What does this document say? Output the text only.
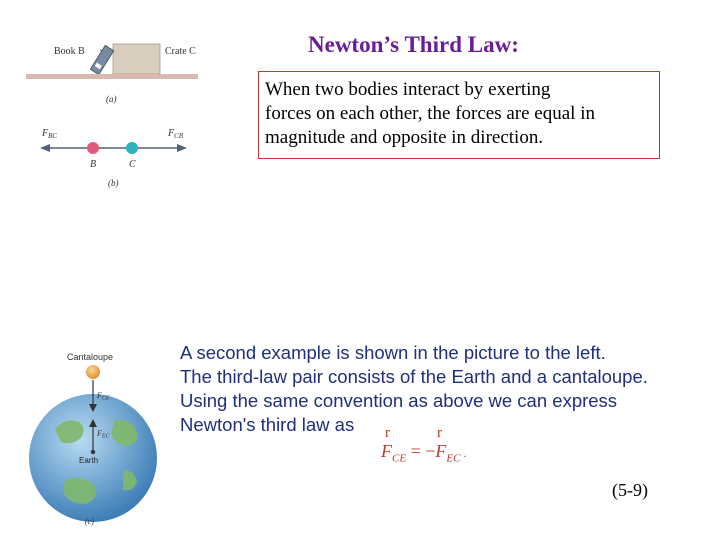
Newton’s Third Law:
When two bodies interact by exerting
forces on each other, the forces are equal in
magnitude and opposite in direction.
Book B	Crate C
(a)
$F_{BC}$	$F_{CB}$
B	C
(b)
Cantaloupe
FCE
FEC
Earth
(c)
A second example is shown in the picture to the left.
The third-law pair consists of the Earth and a cantaloupe.
Using the same convention as above we can express
Newton's third law as	r	r
$F_{CE} = -F_{EC}$ .
(5-9)
